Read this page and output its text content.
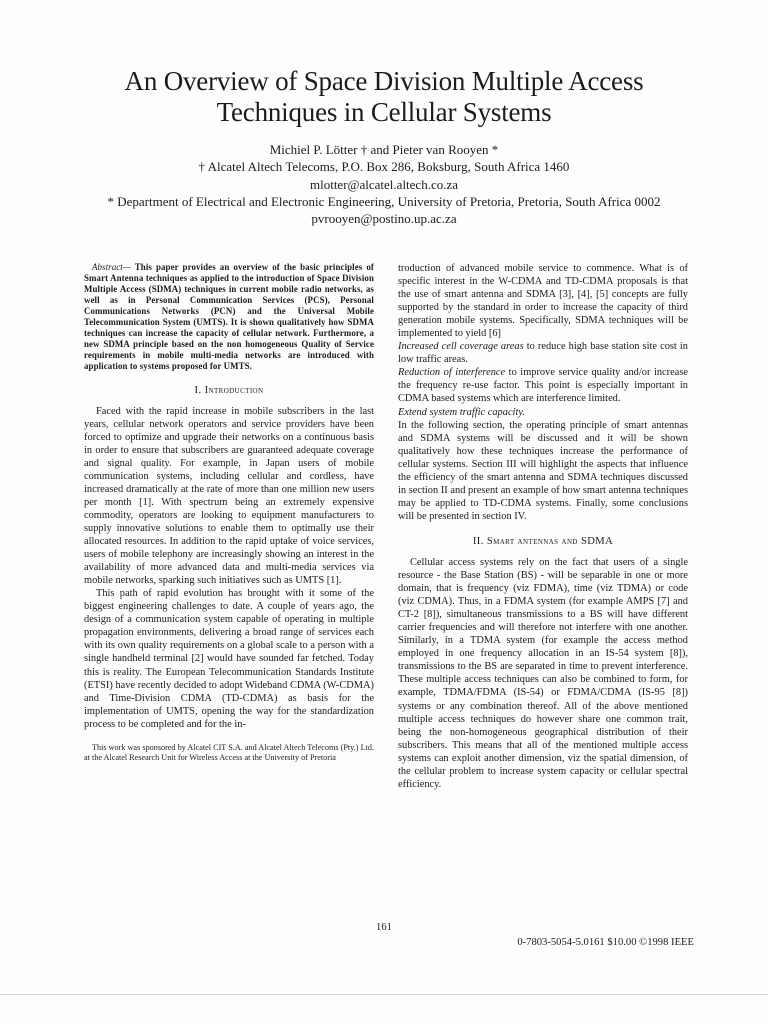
An Overview of Space Division Multiple Access
Techniques in Cellular Systems
Michiel P. Lötter † and Pieter van Rooyen *
† Alcatel Altech Telecoms, P.O. Box 286, Boksburg, South Africa 1460
mlotter@alcatel.altech.co.za
* Department of Electrical and Electronic Engineering, University of Pretoria, Pretoria, South Africa 0002
pvrooyen@postino.up.ac.za

Abstract— This paper provides an overview of the basic principles of Smart Antenna techniques as applied to the introduction of Space Division Multiple Access (SDMA) techniques in current mobile radio networks, as well as in Personal Communication Services (PCS), Personal Communications Networks (PCN) and the Universal Mobile Telecommunication System (UMTS). It is shown qualitatively how SDMA techniques can increase the capacity of cellular network. Furthermore, a new SDMA principle based on the non homogeneous Quality of Service requirements in mobile multi-media networks are introduced with application to systems proposed for UMTS.

I. Introduction

Faced with the rapid increase in mobile subscribers in the last years, cellular network operators and service providers have been forced to optimize and upgrade their networks on a continuous basis in order to ensure that subscribers are guaranteed adequate coverage and signal quality. For example, in Japan users of mobile communication systems, including cellular and cordless, have increased dramatically at the rate of more than one million new users per month [1]. With spectrum being an extremely expensive commodity, operators are looking to equipment manufacturers to supply innovative solutions to enable them to optimally use their allocated resources. In addition to the rapid uptake of voice services, users of mobile telephony are increasingly showing an interest in the availability of more advanced data and multi-media services via mobile networks, sparking such initiatives such as UMTS [1].

This path of rapid evolution has brought with it some of the biggest engineering challenges to date. A couple of years ago, the design of a communication system capable of operating in multiple propagation environments, delivering a broad range of services each with its own quality requirements on a global scale to a person with a single handheld terminal [2] would have sounded far fetched. Today this is reality. The European Telecommunication Standards Institute (ETSI) have recently decided to adopt Wideband CDMA (W-CDMA) and Time-Division CDMA (TD-CDMA) as basis for the implementation of UMTS, opening the way for the standardization process to be completed and for the in-

This work was sponsored by Alcatel CIT S.A. and Alcatel Altech Telecoms (Pty.) Ltd. at the Alcatel Research Unit for Wireless Access at the University of Pretoria

troduction of advanced mobile service to commence. What is of specific interest in the W-CDMA and TD-CDMA proposals is that the use of smart antenna and SDMA [3], [4], [5] concepts are fully supported by the standard in order to increase the capacity of third generation mobile systems. Specifically, SDMA techniques will be implemented to yield [6]

Increased cell coverage areas to reduce high base station site cost in low traffic areas.

Reduction of interference to improve service quality and/or increase the frequency re-use factor. This point is especially important in CDMA based systems which are interference limited.

Extend system traffic capacity.

In the following section, the operating principle of smart antennas and SDMA systems will be discussed and it will be shown qualitatively how these techniques increase the performance of cellular systems. Section III will highlight the aspects that influence the efficiency of the smart antenna and SDMA techniques discussed in section II and present an example of how smart antenna techniques may be applied to TD-CDMA systems. Finally, some conclusions will be presented in section IV.

II. Smart antennas and SDMA

Cellular access systems rely on the fact that users of a single resource - the Base Station (BS) - will be separable in one or more domain, that is frequency (viz FDMA), time (viz TDMA) or code (viz CDMA). Thus, in a FDMA system (for example AMPS [7] and CT-2 [8]), simultaneous transmissions to a BS will have different carrier frequencies and will therefore not interfere with one another. Similarly, in a TDMA system (for example the access method employed in one frequency allocation in an IS-54 system [8]), transmissions to the BS are separated in time to prevent interference. These multiple access techniques can also be combined to form, for example, TDMA/FDMA (IS-54) or FDMA/CDMA (IS-95 [8]) systems or any combination thereof. All of the above mentioned multiple access techniques do however share one common trait, being the non-homogeneous geographical distribution of their subscribers. This means that all of the mentioned multiple access systems can exploit another dimension, viz the spatial dimension, of the cellular problem to increase system capacity or cellular spectral efficiency.

161
0-7803-5054-5.0161 $10.00 ©1998 IEEE
